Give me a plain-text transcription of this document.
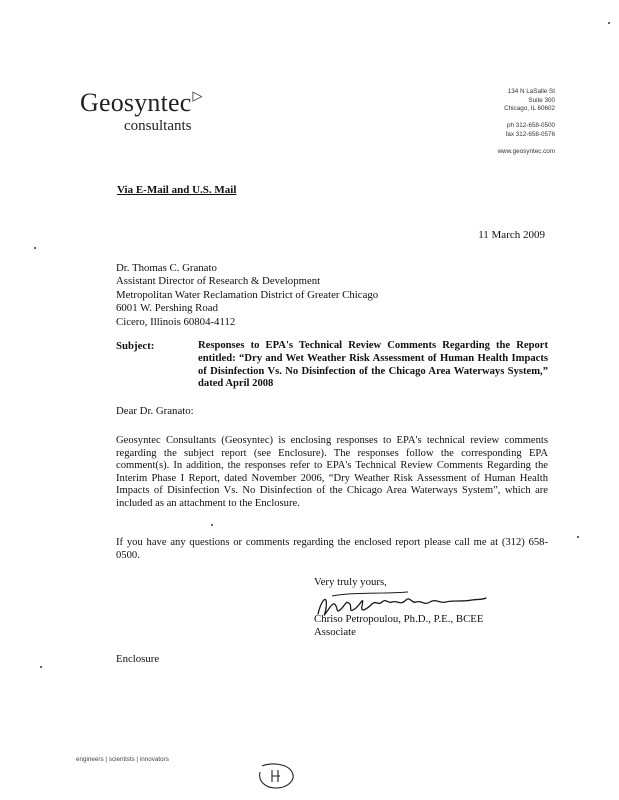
Geosyntec▷
consultants
134 N LaSalle St
Suite 300
Chicago, IL 60602

ph 312-658-0500
fax 312-658-0576

www.geosyntec.com
Via E-Mail and U.S. Mail
11 March 2009
Dr. Thomas C. Granato
Assistant Director of Research & Development
Metropolitan Water Reclamation District of Greater Chicago
6001 W. Pershing Road
Cicero, Illinois 60804-4112
Subject:	Responses to EPA's Technical Review Comments Regarding the Report entitled: “Dry and Wet Weather Risk Assessment of Human Health Impacts of Disinfection Vs. No Disinfection of the Chicago Area Waterways System,” dated April 2008
Dear Dr. Granato:
Geosyntec Consultants (Geosyntec) is enclosing responses to EPA's technical review comments regarding the subject report (see Enclosure). The responses follow the corresponding EPA comment(s). In addition, the responses refer to EPA's Technical Review Comments Regarding the Interim Phase I Report, dated November 2006, “Dry Weather Risk Assessment of Human Health Impacts of Disinfection Vs. No Disinfection of the Chicago Area Waterways System”, which are included as an attachment to the Enclosure.
If you have any questions or comments regarding the enclosed report please call me at (312) 658-0500.
Very truly yours,
Chriso Petropoulou, Ph.D., P.E., BCEE
Associate
Enclosure
engineers | scientists | innovators
